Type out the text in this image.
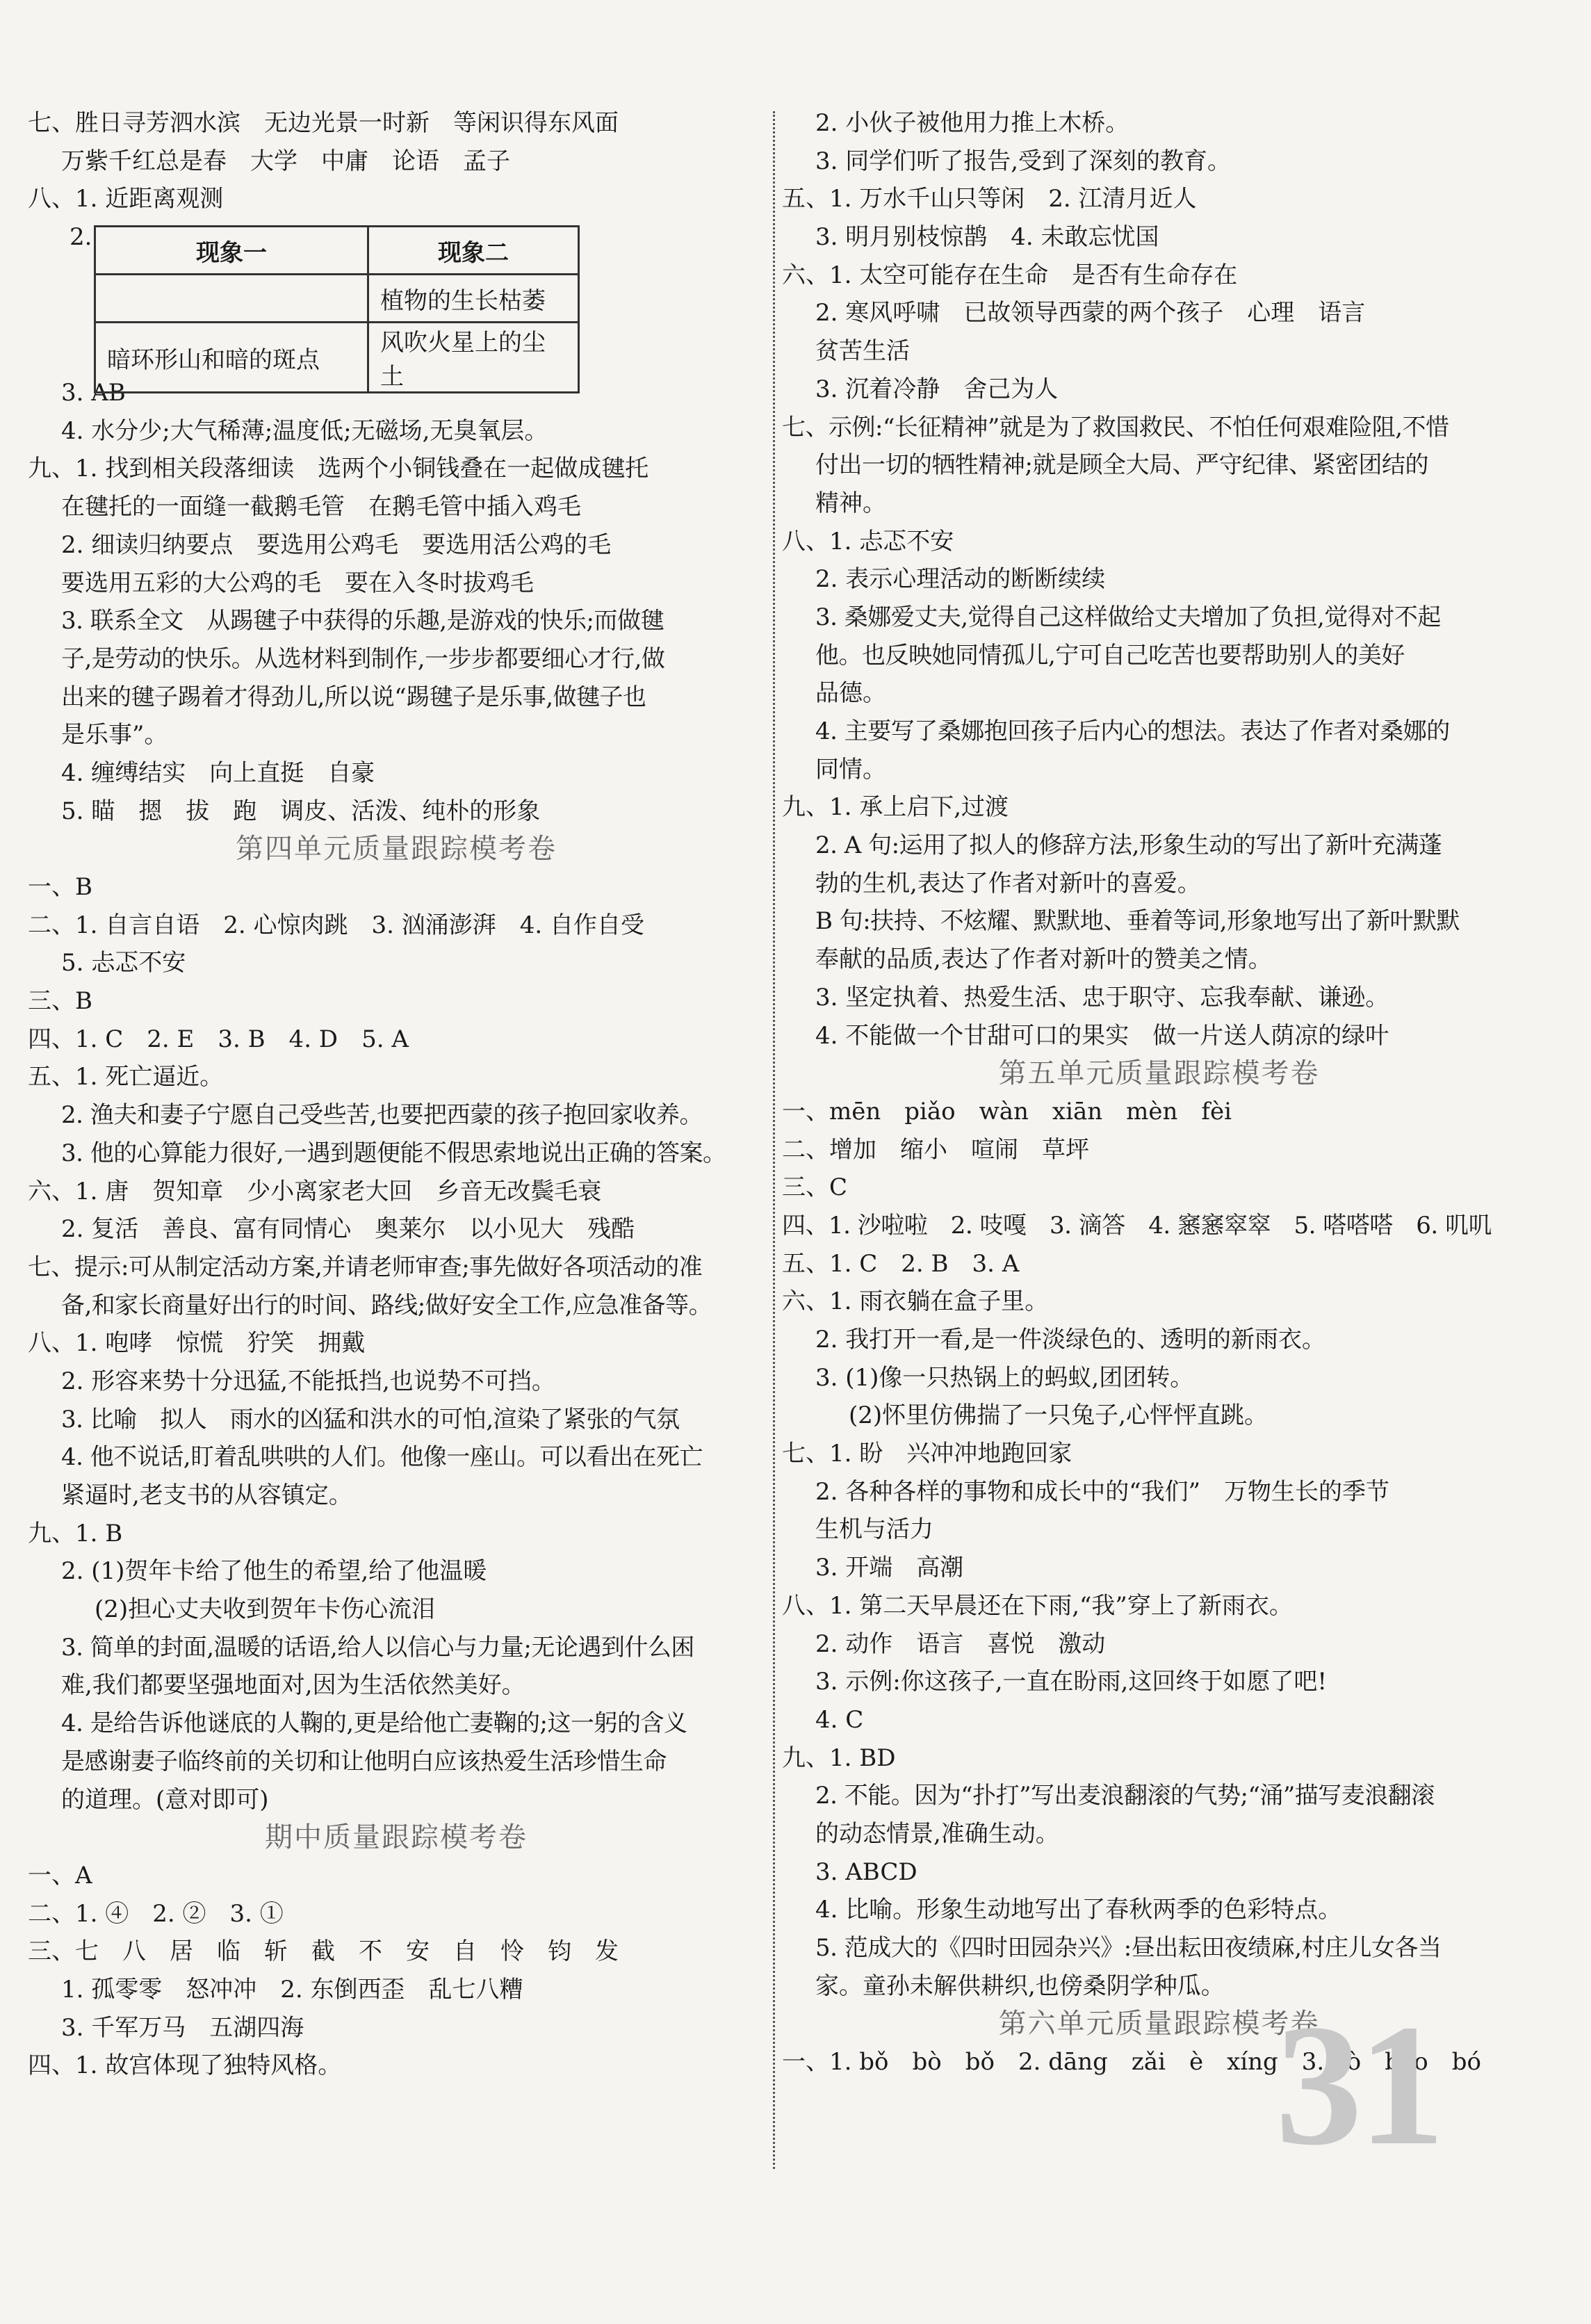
七、胜日寻芳泗水滨　无边光景一时新　等闲识得东风面
万紫千红总是春　大学　中庸　论语　孟子
八、1. 近距离观测
2.
现象一	现象二
	植物的生长枯萎
暗环形山和暗的斑点	风吹火星上的尘土
3. AB
4. 水分少;大气稀薄;温度低;无磁场,无臭氧层。
九、1. 找到相关段落细读　选两个小铜钱叠在一起做成毽托
在毽托的一面缝一截鹅毛管　在鹅毛管中插入鸡毛
2. 细读归纳要点　要选用公鸡毛　要选用活公鸡的毛
要选用五彩的大公鸡的毛　要在入冬时拔鸡毛
3. 联系全文　从踢毽子中获得的乐趣,是游戏的快乐;而做毽
子,是劳动的快乐。从选材料到制作,一步步都要细心才行,做
出来的毽子踢着才得劲儿,所以说“踢毽子是乐事,做毽子也
是乐事”。
4. 缠缚结实　向上直挺　自豪
5. 瞄　摁　拔　跑　调皮、活泼、纯朴的形象
第四单元质量跟踪模考卷
一、B
二、1. 自言自语　2. 心惊肉跳　3. 汹涌澎湃　4. 自作自受
5. 忐忑不安
三、B
四、1. C　2. E　3. B　4. D　5. A
五、1. 死亡逼近。
2. 渔夫和妻子宁愿自己受些苦,也要把西蒙的孩子抱回家收养。
3. 他的心算能力很好,一遇到题便能不假思索地说出正确的答案。
六、1. 唐　贺知章　少小离家老大回　乡音无改鬓毛衰
2. 复活　善良、富有同情心　奥莱尔　以小见大　残酷
七、提示:可从制定活动方案,并请老师审查;事先做好各项活动的准
备,和家长商量好出行的时间、路线;做好安全工作,应急准备等。
八、1. 咆哮　惊慌　狞笑　拥戴
2. 形容来势十分迅猛,不能抵挡,也说势不可挡。
3. 比喻　拟人　雨水的凶猛和洪水的可怕,渲染了紧张的气氛
4. 他不说话,盯着乱哄哄的人们。他像一座山。可以看出在死亡
紧逼时,老支书的从容镇定。
九、1. B
2. (1)贺年卡给了他生的希望,给了他温暖
(2)担心丈夫收到贺年卡伤心流泪
3. 简单的封面,温暖的话语,给人以信心与力量;无论遇到什么困
难,我们都要坚强地面对,因为生活依然美好。
4. 是给告诉他谜底的人鞠的,更是给他亡妻鞠的;这一躬的含义
是感谢妻子临终前的关切和让他明白应该热爱生活珍惜生命
的道理。(意对即可)
期中质量跟踪模考卷
一、A
二、1. ④　2. ②　3. ①
三、七　八　居　临　斩　截　不　安　自　怜　钧　发
1. 孤零零　怒冲冲　2. 东倒西歪　乱七八糟
3. 千军万马　五湖四海
四、1. 故宫体现了独特风格。
2. 小伙子被他用力推上木桥。
3. 同学们听了报告,受到了深刻的教育。
五、1. 万水千山只等闲　2. 江清月近人
3. 明月别枝惊鹊　4. 未敢忘忧国
六、1. 太空可能存在生命　是否有生命存在
2. 寒风呼啸　已故领导西蒙的两个孩子　心理　语言
贫苦生活
3. 沉着冷静　舍己为人
七、示例:“长征精神”就是为了救国救民、不怕任何艰难险阻,不惜
付出一切的牺牲精神;就是顾全大局、严守纪律、紧密团结的
精神。
八、1. 忐忑不安
2. 表示心理活动的断断续续
3. 桑娜爱丈夫,觉得自己这样做给丈夫增加了负担,觉得对不起
他。也反映她同情孤儿,宁可自己吃苦也要帮助别人的美好
品德。
4. 主要写了桑娜抱回孩子后内心的想法。表达了作者对桑娜的
同情。
九、1. 承上启下,过渡
2. A 句:运用了拟人的修辞方法,形象生动的写出了新叶充满蓬
勃的生机,表达了作者对新叶的喜爱。
B 句:扶持、不炫耀、默默地、垂着等词,形象地写出了新叶默默
奉献的品质,表达了作者对新叶的赞美之情。
3. 坚定执着、热爱生活、忠于职守、忘我奉献、谦逊。
4. 不能做一个甘甜可口的果实　做一片送人荫凉的绿叶
第五单元质量跟踪模考卷
一、mēn　piǎo　wàn　xiān　mèn　fèi
二、增加　缩小　喧闹　草坪
三、C
四、1. 沙啦啦　2. 吱嘎　3. 滴答　4. 窸窸窣窣　5. 嗒嗒嗒　6. 叽叽
五、1. C　2. B　3. A
六、1. 雨衣躺在盒子里。
2. 我打开一看,是一件淡绿色的、透明的新雨衣。
3. (1)像一只热锅上的蚂蚁,团团转。
(2)怀里仿佛揣了一只兔子,心怦怦直跳。
七、1. 盼　兴冲冲地跑回家
2. 各种各样的事物和成长中的“我们”　万物生长的季节
生机与活力
3. 开端　高潮
八、1. 第二天早晨还在下雨,“我”穿上了新雨衣。
2. 动作　语言　喜悦　激动
3. 示例:你这孩子,一直在盼雨,这回终于如愿了吧!
4. C
九、1. BD
2. 不能。因为“扑打”写出麦浪翻滚的气势;“涌”描写麦浪翻滚
的动态情景,准确生动。
3. ABCD
4. 比喻。形象生动地写出了春秋两季的色彩特点。
5. 范成大的《四时田园杂兴》:昼出耘田夜绩麻,村庄儿女各当
家。童孙未解供耕织,也傍桑阴学种瓜。
第六单元质量跟踪模考卷
一、1. bǒ　bò　bǒ　2. dāng　zǎi　è　xíng　3. bò　báo　bó
31
